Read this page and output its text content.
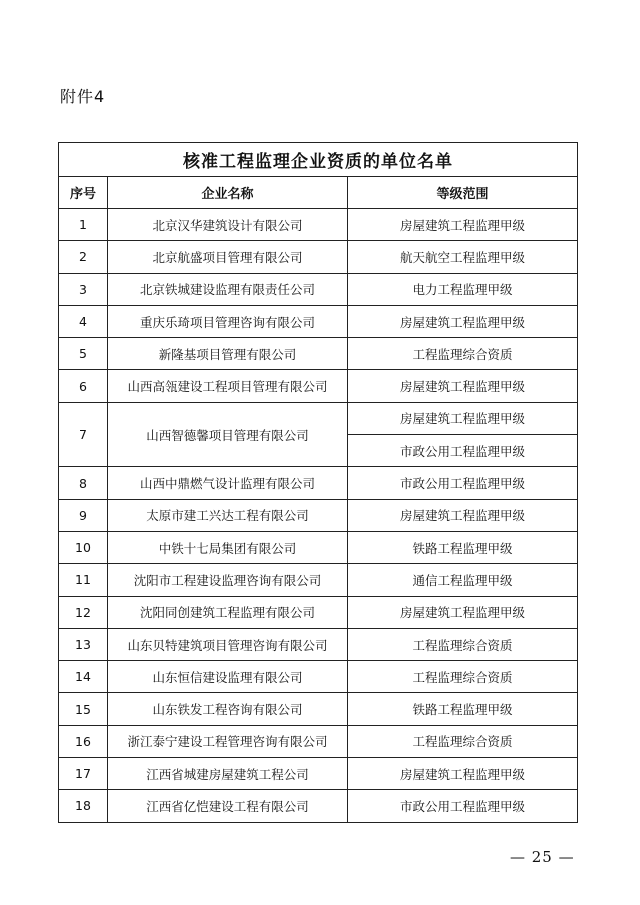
附件4
核准工程监理企业资质的单位名单		
序号	企业名称	等级范围
1	北京汉华建筑设计有限公司	房屋建筑工程监理甲级
2	北京航盛项目管理有限公司	航天航空工程监理甲级
3	北京铁城建设监理有限责任公司	电力工程监理甲级
4	重庆乐琦项目管理咨询有限公司	房屋建筑工程监理甲级
5	新隆基项目管理有限公司	工程监理综合资质
6	山西高瓴建设工程项目管理有限公司	房屋建筑工程监理甲级
7	山西智德馨项目管理有限公司	房屋建筑工程监理甲级
		市政公用工程监理甲级
8	山西中鼎燃气设计监理有限公司	市政公用工程监理甲级
9	太原市建工兴达工程有限公司	房屋建筑工程监理甲级
10	中铁十七局集团有限公司	铁路工程监理甲级
11	沈阳市工程建设监理咨询有限公司	通信工程监理甲级
12	沈阳同创建筑工程监理有限公司	房屋建筑工程监理甲级
13	山东贝特建筑项目管理咨询有限公司	工程监理综合资质
14	山东恒信建设监理有限公司	工程监理综合资质
15	山东铁发工程咨询有限公司	铁路工程监理甲级
16	浙江泰宁建设工程管理咨询有限公司	工程监理综合资质
17	江西省城建房屋建筑工程公司	房屋建筑工程监理甲级
18	江西省亿恺建设工程有限公司	市政公用工程监理甲级
— 25 —
